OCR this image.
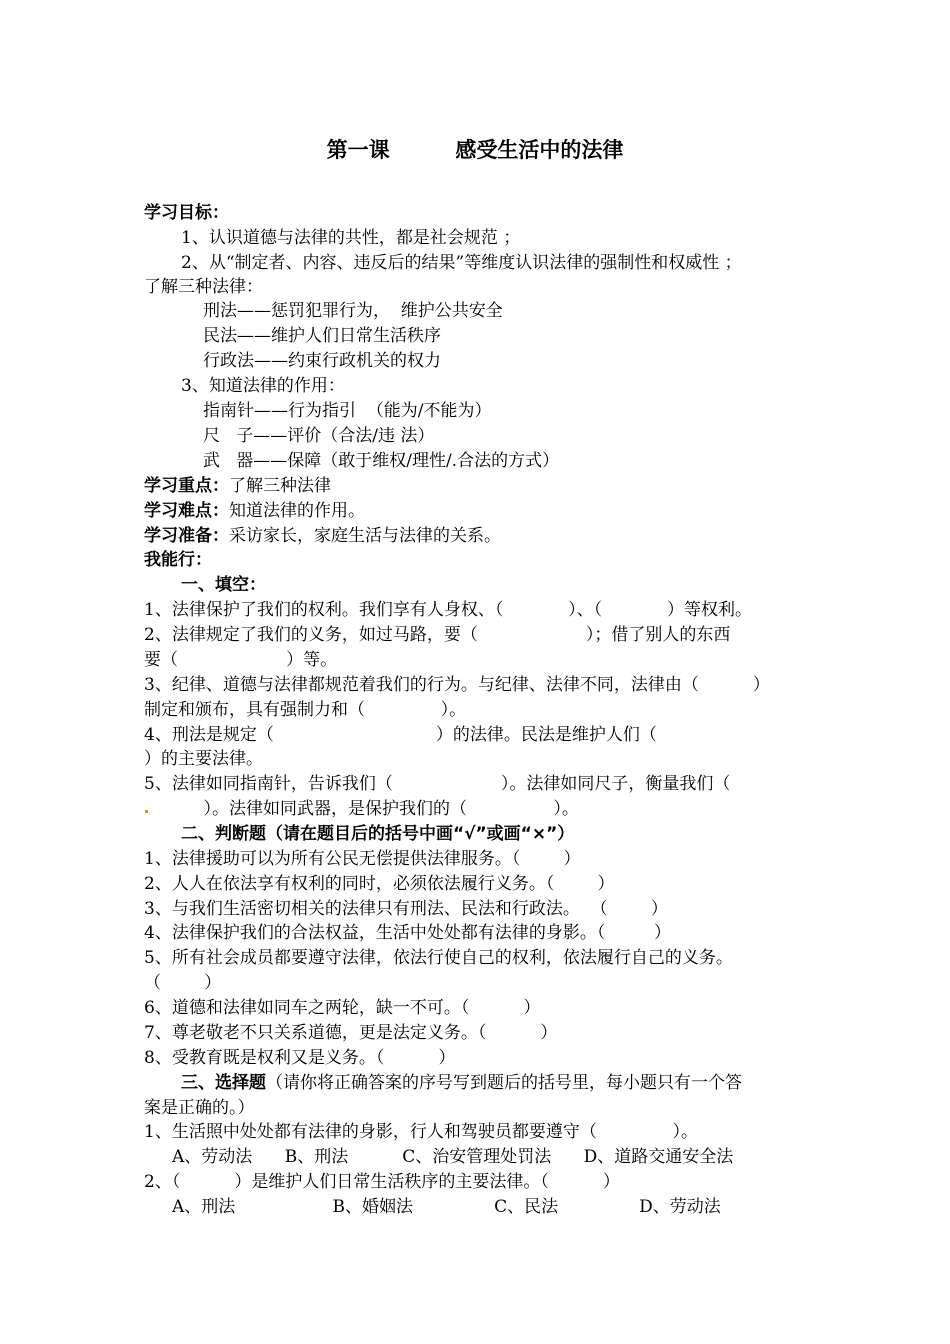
第一课         感受生活中的法律
学习目标：
1、认识道德与法律的共性，都是社会规范 ；
2、从“制定者、内容、违反后的结果”等维度认识法律的强制性和权威性 ；
了解三种法律：
刑法——惩罚犯罪行为，  维护公共安全
民法——维护人们日常生活秩序
行政法——约束行政机关的权力
3、知道法律的作用：
指南针——行为指引  （能为/不能为）
尺   子——评价（合法/违 法）
武   器——保障（敢于维权/理性/.合法的方式）
学习重点：了解三种法律
学习难点：知道法律的作用。
学习准备：采访家长，家庭生活与法律的关系。
我能行：
一、填空：
1、法律保护了我们的权利。我们享有人身权、（            ）、（            ）等权利。
2、法律规定了我们的义务，如过马路，要（                    ）；借了别人的东西
要（                    ）等。
3、纪律、道德与法律都规范着我们的行为。与纪律、法律不同，法律由（          ）
制定和颁布，具有强制力和（              ）。
4、刑法是规定（                              ）的法律。民法是维护人们（
）的主要法律。
5、法律如同指南针，告诉我们（                    ）。法律如同尺子，衡量我们（
）。法律如同武器，是保护我们的（                ）。
二、判断题（请在题目后的括号中画“√”或画“×”）
1、法律援助可以为所有公民无偿提供法律服务。（        ）
2、人人在依法享有权利的同时，必须依法履行义务。（        ）
3、与我们生活密切相关的法律只有刑法、民法和行政法。  （        ）
4、法律保护我们的合法权益，生活中处处都有法律的身影。（         ）
5、所有社会成员都要遵守法律，依法行使自己的权利，依法履行自己的义务。
（        ）
6、道德和法律如同车之两轮，缺一不可。（          ）
7、尊老敬老不只关系道德，更是法定义务。（          ）
8、受教育既是权利又是义务。（          ）
三、选择题（请你将正确答案的序号写到题后的括号里，每小题只有一个答
案是正确的。）
1、生活照中处处都有法律的身影，行人和驾驶员都要遵守（              ）。
A、劳动法      B、刑法          C、治安管理处罚法      D、道路交通安全法
2、（          ）是维护人们日常生活秩序的主要法律。（          ）
A、刑法                  B、婚姻法               C、民法               D、劳动法
